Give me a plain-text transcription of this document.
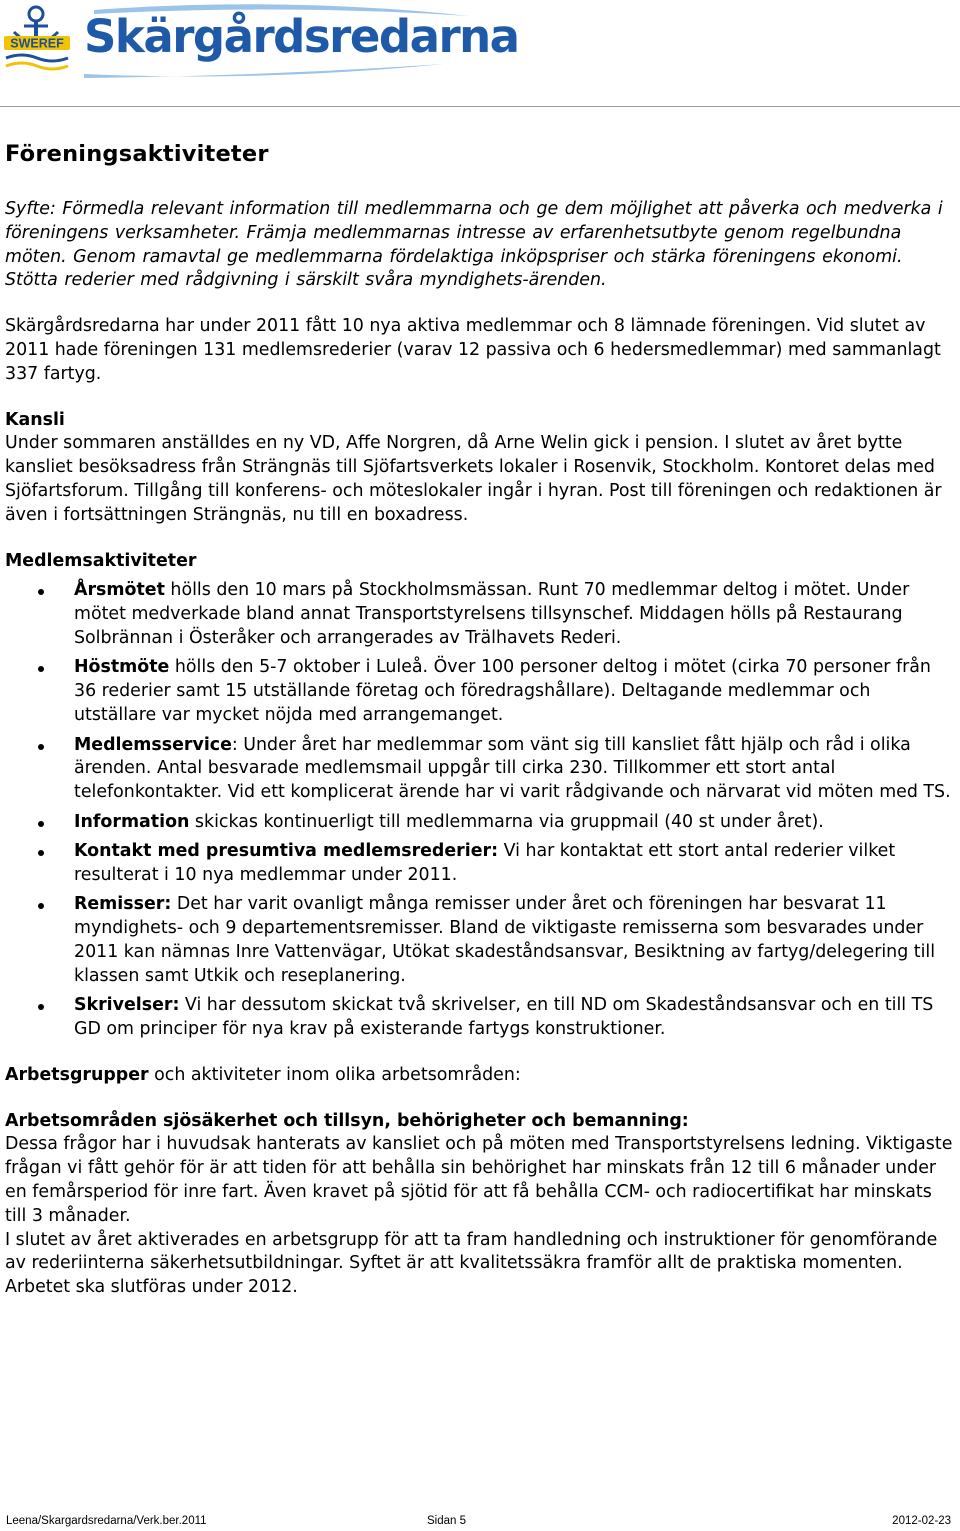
SWEREF Skärgårdsredarna
Föreningsaktiviteter

Syfte: Förmedla relevant information till medlemmarna och ge dem möjlighet att påverka och medverka i föreningens verksamheter. Främja medlemmarnas intresse av erfarenhetsutbyte genom regelbundna möten. Genom ramavtal ge medlemmarna fördelaktiga inköpspriser och stärka föreningens ekonomi. Stötta rederier med rådgivning i särskilt svåra myndighets-ärenden.

Skärgårdsredarna har under 2011 fått 10 nya aktiva medlemmar och 8 lämnade föreningen. Vid slutet av 2011 hade föreningen 131 medlemsrederier (varav 12 passiva och 6 hedersmedlemmar) med sammanlagt 337 fartyg.

Kansli

Under sommaren anställdes en ny VD, Affe Norgren, då Arne Welin gick i pension. I slutet av året bytte kansliet besöksadress från Strängnäs till Sjöfartsverkets lokaler i Rosenvik, Stockholm. Kontoret delas med Sjöfartsforum. Tillgång till konferens- och möteslokaler ingår i hyran. Post till föreningen och redaktionen är även i fortsättningen Strängnäs, nu till en boxadress.

Medlemsaktiviteter

Årsmötet hölls den 10 mars på Stockholmsmässan. Runt 70 medlemmar deltog i mötet. Under mötet medverkade bland annat Transportstyrelsens tillsynschef. Middagen hölls på Restaurang Solbrännan i Österåker och arrangerades av Trälhavets Rederi.
Höstmöte hölls den 5-7 oktober i Luleå. Över 100 personer deltog i mötet (cirka 70 personer från 36 rederier samt 15 utställande företag och föredragshållare). Deltagande medlemmar och utställare var mycket nöjda med arrangemanget.
Medlemsservice: Under året har medlemmar som vänt sig till kansliet fått hjälp och råd i olika ärenden. Antal besvarade medlemsmail uppgår till cirka 230. Tillkommer ett stort antal telefonkontakter. Vid ett komplicerat ärende har vi varit rådgivande och närvarat vid möten med TS.
Information skickas kontinuerligt till medlemmarna via gruppmail (40 st under året).
Kontakt med presumtiva medlemsrederier: Vi har kontaktat ett stort antal rederier vilket resulterat i 10 nya medlemmar under 2011.
Remisser: Det har varit ovanligt många remisser under året och föreningen har besvarat 11 myndighets- och 9 departementsremisser. Bland de viktigaste remisserna som besvarades under 2011 kan nämnas Inre Vattenvägar, Utökat skadeståndsansvar, Besiktning av fartyg/delegering till klassen samt Utkik och reseplanering.
Skrivelser: Vi har dessutom skickat två skrivelser, en till ND om Skadeståndsansvar och en till TS GD om principer för nya krav på existerande fartygs konstruktioner.

Arbetsgrupper och aktiviteter inom olika arbetsområden:

Arbetsområden sjösäkerhet och tillsyn, behörigheter och bemanning:

Dessa frågor har i huvudsak hanterats av kansliet och på möten med Transportstyrelsens ledning. Viktigaste frågan vi fått gehör för är att tiden för att behålla sin behörighet har minskats från 12 till 6 månader under en femårsperiod för inre fart. Även kravet på sjötid för att få behålla CCM- och radiocertifikat har minskats till 3 månader.

I slutet av året aktiverades en arbetsgrupp för att ta fram handledning och instruktioner för genomförande av rederiinterna säkerhetsutbildningar. Syftet är att kvalitetssäkra framför allt de praktiska momenten. Arbetet ska slutföras under 2012.

Leena/Skargardsredarna/Verk.ber.2011	Sidan 5	2012-02-23
